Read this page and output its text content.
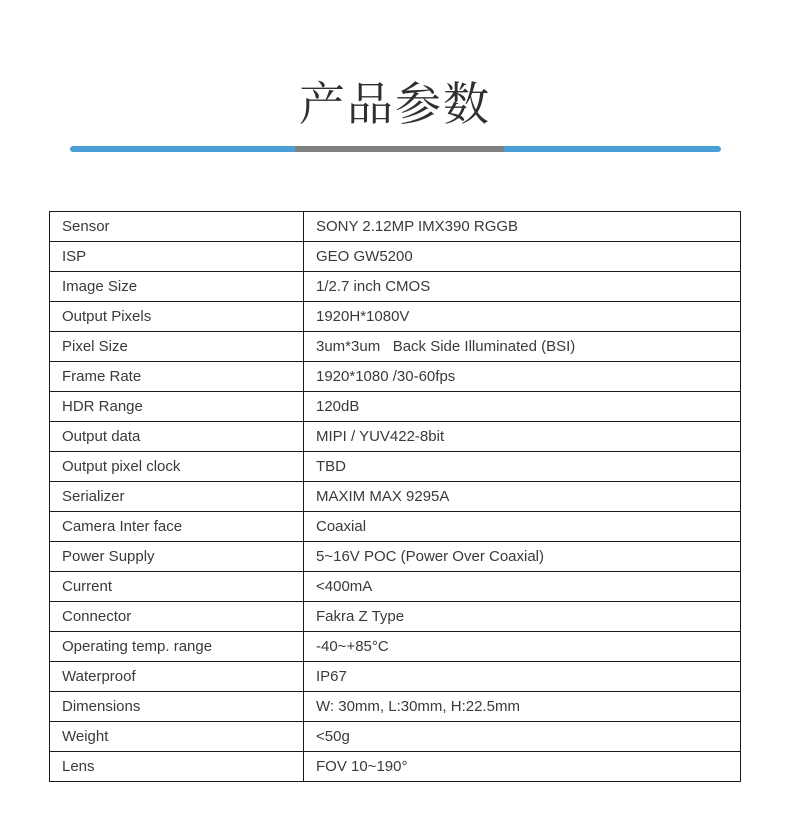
产品参数
Sensor	SONY 2.12MP IMX390 RGGB
ISP	GEO GW5200
Image Size	1/2.7 inch CMOS
Output Pixels	1920H*1080V
Pixel Size	3um*3um   Back Side Illuminated (BSI)
Frame Rate	1920*1080 /30-60fps
HDR Range	120dB
Output data	MIPI / YUV422-8bit
Output pixel clock	TBD
Serializer	MAXIM MAX 9295A
Camera Inter face	Coaxial
Power Supply	5~16V POC (Power Over Coaxial)
Current	<400mA
Connector	Fakra Z Type
Operating temp. range	-40~+85°C
Waterproof	IP67
Dimensions	W: 30mm, L:30mm, H:22.5mm
Weight	<50g
Lens	FOV 10~190°
